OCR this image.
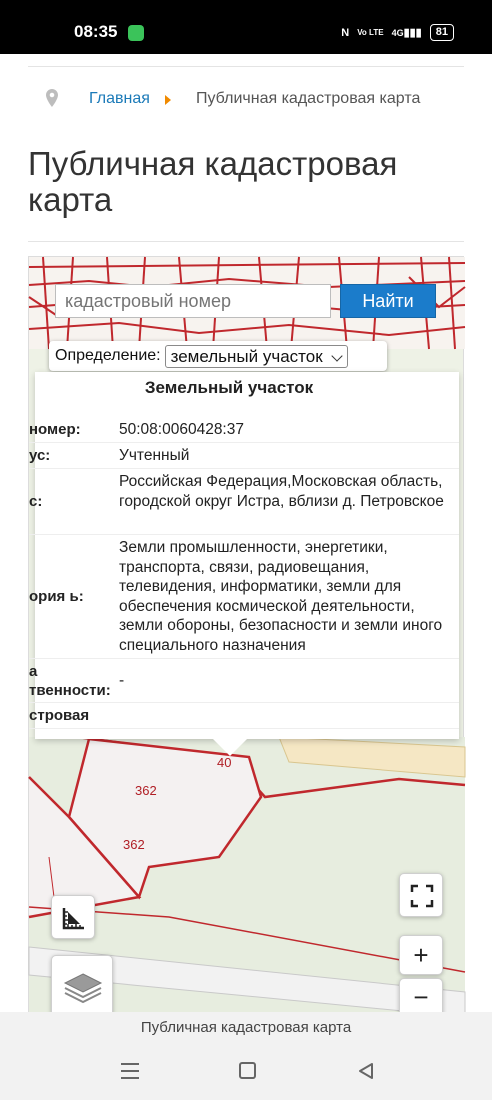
08:35	N Vo LTE 4G▮▮▮	81
Главная	Публичная кадастровая карта
Публичная кадастровая карта
40
362
362
кадастровый номер
Найти
Определение: земельный участок
Земельный участок
номер:	50:08:0060428:37
ус:	Учтенный
с:
Российская Федерация,Московская область, городской округ Истра, вблизи д. Петровское
ория ь:
Земли промышленности, энергетики, транспорта, связи, радиовещания, телевидения, информатики, земли для обеспечения космической деятельности, земли обороны, безопасности и земли иного специального назначения
а твенности:
-
стровая
+
−
Публичная кадастровая карта
